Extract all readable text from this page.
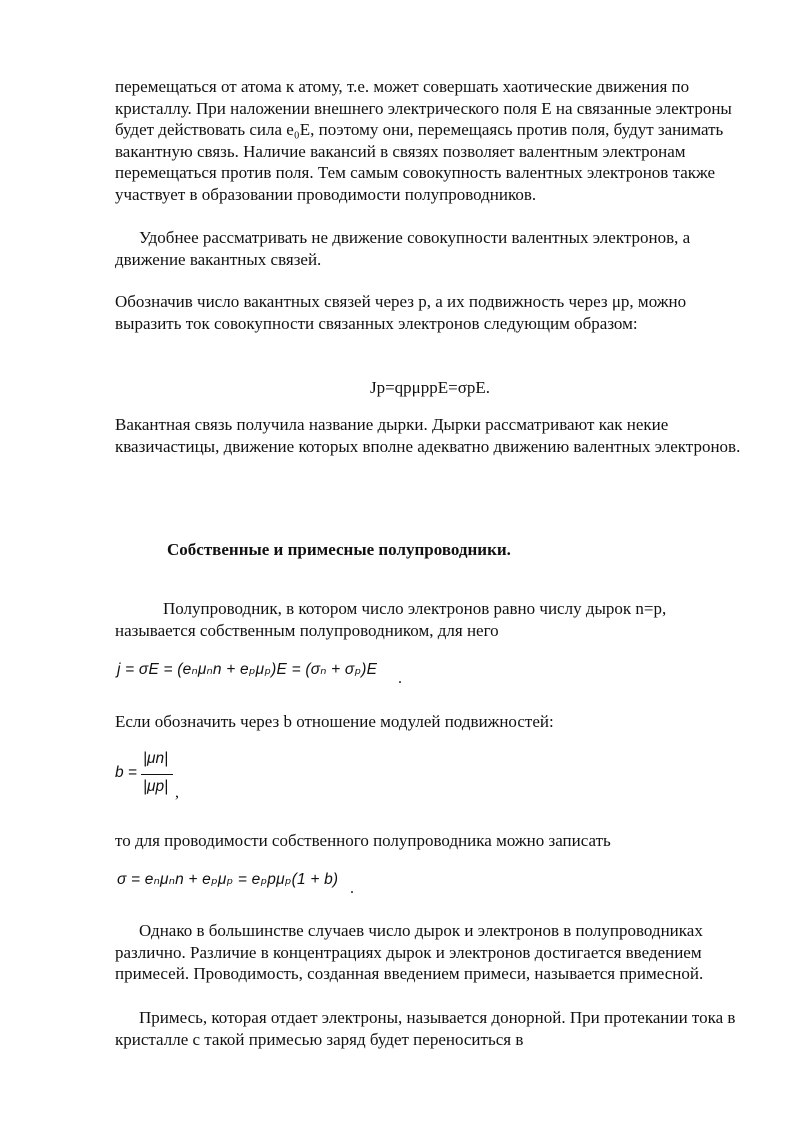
перемещаться от атома к атому, т.е. может совершать хаотические движения по кристаллу. При наложении внешнего электрического поля E на связанные электроны будет действовать сила e₀E, поэтому они, перемещаясь против поля, будут занимать вакантную связь. Наличие вакансий в связях позволяет валентным электронам перемещаться против поля. Тем самым совокупность валентных электронов также участвует в образовании проводимости полупроводников.
Удобнее рассматривать не движение совокупности валентных электронов, а движение вакантных связей.
Обозначив число вакантных связей через p, а их подвижность через μp, можно выразить ток совокупности связанных электронов следующим образом:
Jp=qpμppE=σpE.
Вакантная связь получила название дырки. Дырки рассматривают как некие квазичастицы, движение которых вполне адекватно движению валентных электронов.
Собственные и примесные полупроводники.
Полупроводник, в котором число электронов равно числу дырок n=p, называется собственным полупроводником, для него
j = σE = (eₙμₙn + eₚμₚ)E = (σₙ + σₚ)E
.
Если обозначить через b отношение модулей подвижностей:
b =
|μn|
|μp| ,
то для проводимости собственного полупроводника можно записать
σ = eₙμₙn + eₚμₚ = eₚpμₚ(1 + b)
.
Однако в большинстве случаев число дырок и электронов в полупроводниках различно. Различие в концентрациях дырок и электронов достигается введением примесей. Проводимость, созданная введением примеси, называется примесной.
Примесь, которая отдает электроны, называется донорной. При протекании тока в кристалле с такой примесью заряд будет переноситься в
